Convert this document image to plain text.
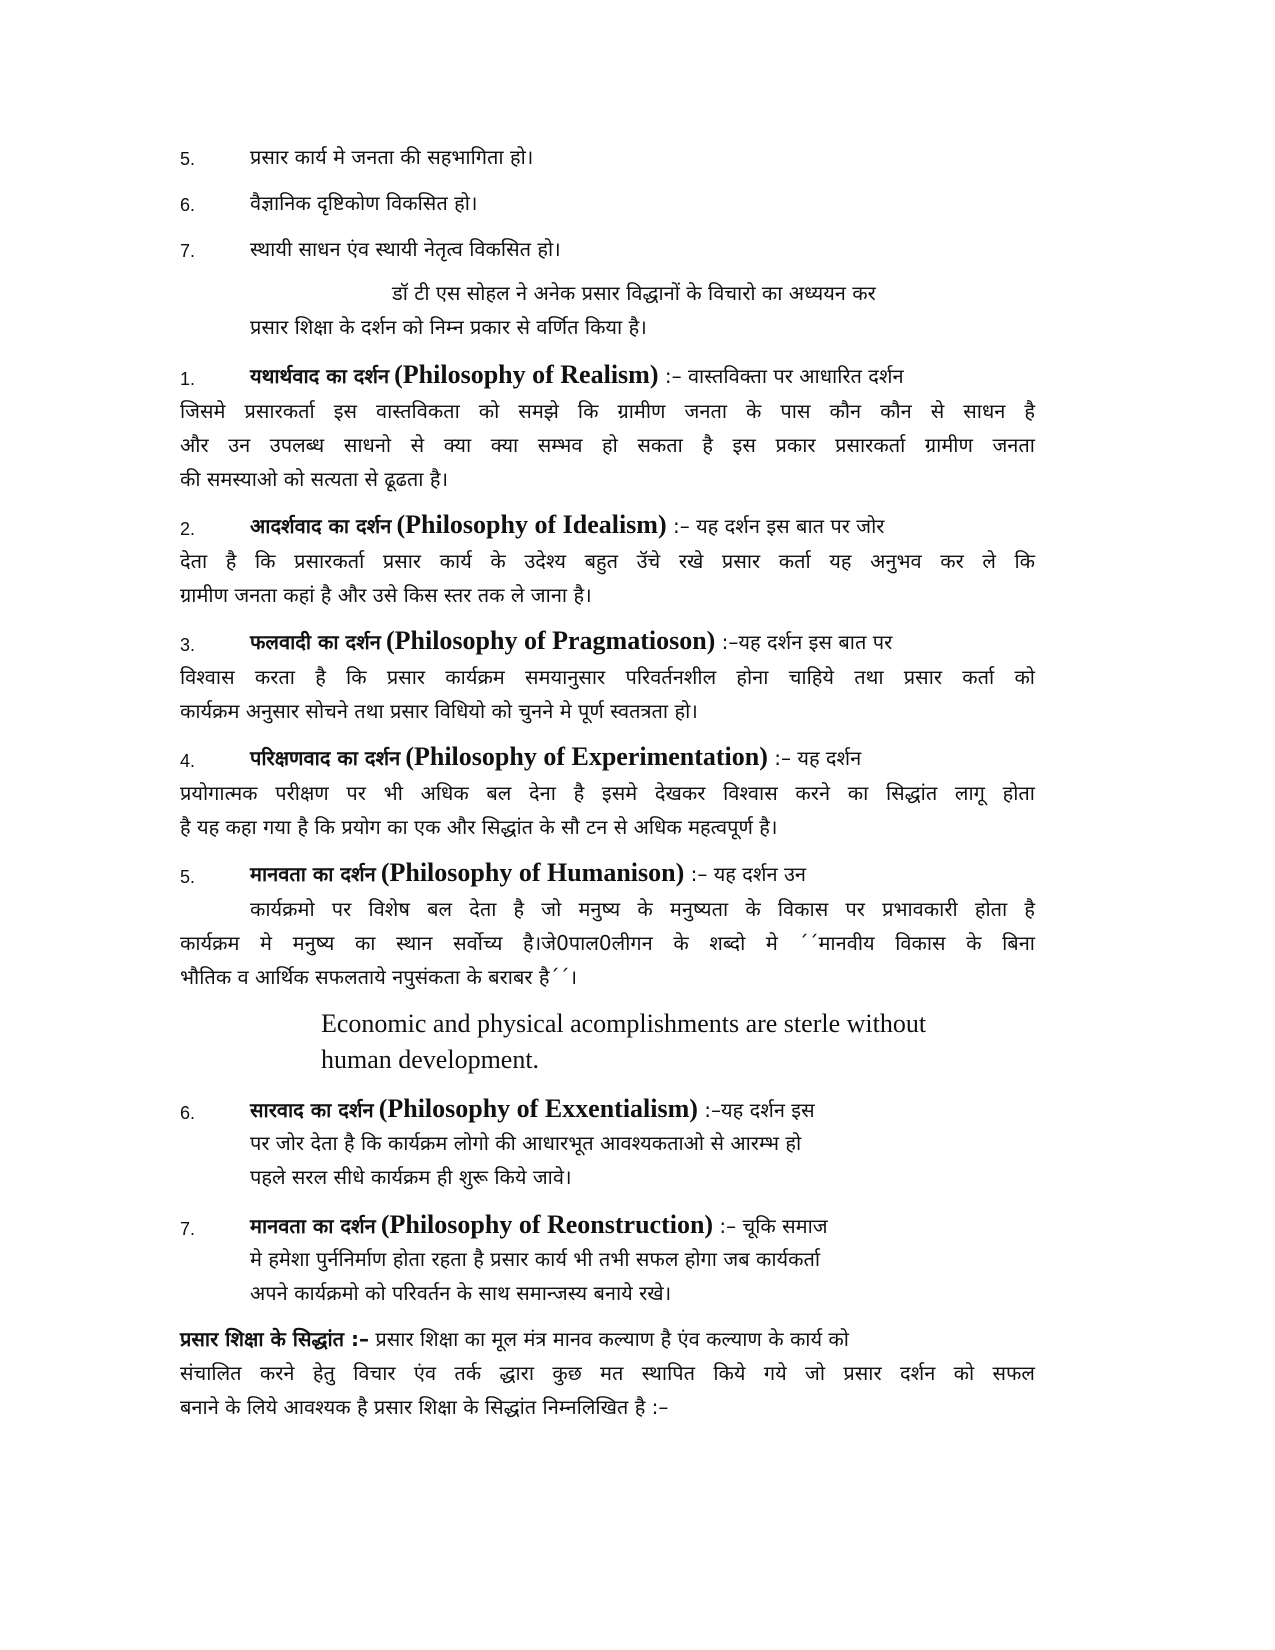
5.	प्रसार कार्य मे जनता की सहभागिता हो।
6.	वैज्ञानिक दृष्टिकोण विकसित हो।
7.	स्थायी साधन एंव स्थायी नेतृत्व विकसित हो।
डॉ टी एस सोहल ने अनेक प्रसार विद्धानों के विचारो का अध्ययन कर
प्रसार शिक्षा के दर्शन को निम्न प्रकार से वर्णित किया है।
1.	यथार्थवाद का दर्शन (Philosophy of Realism) :– वास्तविक्ता पर आधारित दर्शन
जिसमे प्रसारकर्ता इस वास्तविकता को समझे कि ग्रामीण जनता के पास कौन कौन से साधन है
और उन उपलब्ध साधनो से क्या क्या सम्भव हो सकता है इस प्रकार प्रसारकर्ता ग्रामीण जनता
की समस्याओ को सत्यता से ढूढता है।
2.	आदर्शवाद का दर्शन (Philosophy of Idealism) :– यह दर्शन इस बात पर जोर
देता है कि प्रसारकर्ता प्रसार कार्य के उदेश्य बहुत उॅचे रखे प्रसार कर्ता यह अनुभव कर ले कि
ग्रामीण जनता कहां है और उसे किस स्तर तक ले जाना है।
3.	फलवादी का दर्शन (Philosophy of Pragmatioson) :–यह दर्शन इस बात पर
विश्वास करता है कि प्रसार कार्यक्रम समयानुसार परिवर्तनशील होना चाहिये तथा प्रसार कर्ता को
कार्यक्रम अनुसार सोचने तथा प्रसार विधियो को चुनने मे पूर्ण स्वतत्रता हो।
4.	परिक्षणवाद का दर्शन (Philosophy of Experimentation) :– यह दर्शन
प्रयोगात्मक परीक्षण पर भी अधिक बल देना है इसमे देखकर विश्वास करने का सिद्धांत लागू होता
है यह कहा गया है कि प्रयोग का एक और सिद्धांत के सौ टन से अधिक महत्वपूर्ण है।
5.	मानवता का दर्शन (Philosophy of Humanison) :– यह दर्शन उन
कार्यक्रमो पर विशेष बल देता है जो मनुष्य के मनुष्यता के विकास पर प्रभावकारी होता है
कार्यक्रम मे मनुष्य का स्थान सर्वोच्य है।जे0पाल0लीगन के शब्दो मे ´´मानवीय विकास के बिना
भौतिक व आर्थिक सफलताये नपुसंकता के बराबर है´´।
Economic and physical acomplishments are sterle without
human development.
6.	सारवाद का दर्शन (Philosophy of Exxentialism) :–यह दर्शन इस
पर जोर देता है कि कार्यक्रम लोगो की आधारभूत आवश्यकताओ से आरम्भ हो
पहले सरल सीधे कार्यक्रम ही शुरू किये जावे।
7.	मानवता का दर्शन (Philosophy of Reonstruction) :– चूकि समाज
मे हमेशा पुर्ननिर्माण होता रहता है प्रसार कार्य भी तभी सफल होगा जब कार्यकर्ता
अपने कार्यक्रमो को परिवर्तन के साथ समान्जस्य बनाये रखे।
प्रसार शिक्षा के सिद्धांत :– प्रसार शिक्षा का मूल मंत्र मानव कल्याण है एंव कल्याण के कार्य को
संचालित करने हेतु विचार एंव तर्क द्धारा कुछ मत स्थापित किये गये जो प्रसार दर्शन को सफल
बनाने के लिये आवश्यक है प्रसार शिक्षा के सिद्धांत निम्नलिखित है :–
